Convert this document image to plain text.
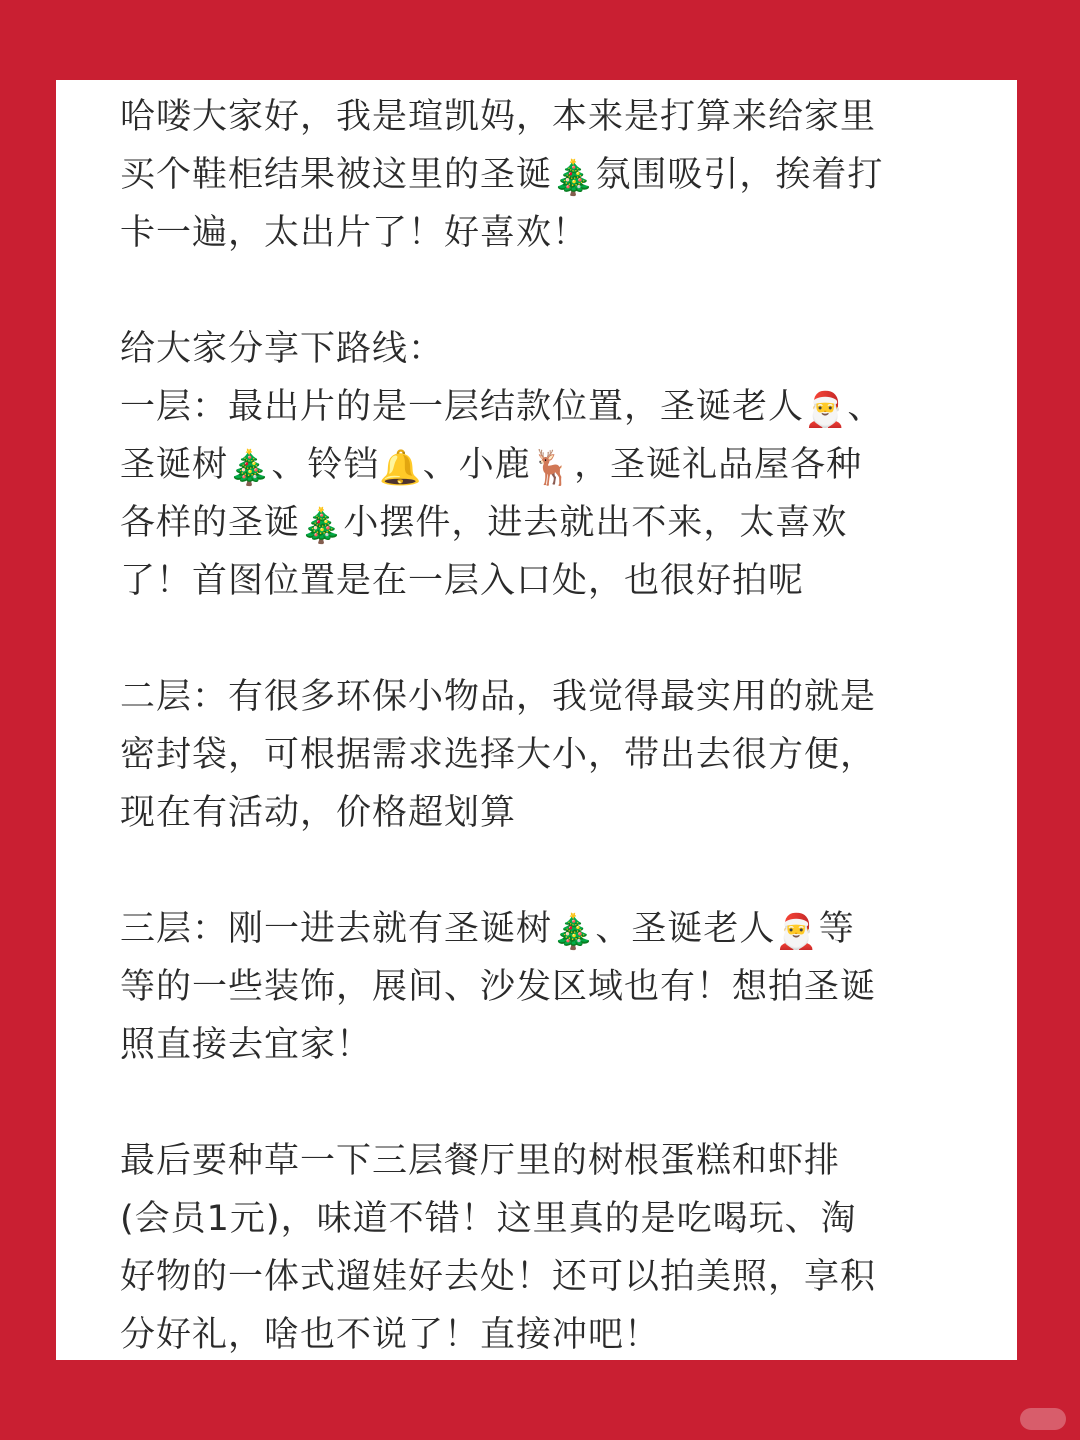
哈喽大家好，我是瑄凯妈，本来是打算来给家里
买个鞋柜结果被这里的圣诞🎄氛围吸引，挨着打
卡一遍，太出片了！好喜欢！

给大家分享下路线：

一层：最出片的是一层结款位置，圣诞老人🎅、
圣诞树🎄、铃铛🔔、小鹿🦌，圣诞礼品屋各种
各样的圣诞🎄小摆件，进去就出不来，太喜欢
了！首图位置是在一层入口处，也很好拍呢

二层：有很多环保小物品，我觉得最实用的就是
密封袋，可根据需求选择大小，带出去很方便，
现在有活动，价格超划算

三层：刚一进去就有圣诞树🎄、圣诞老人🎅等
等的一些装饰，展间、沙发区域也有！想拍圣诞
照直接去宜家！

最后要种草一下三层餐厅里的树根蛋糕和虾排
(会员1元)，味道不错！这里真的是吃喝玩、淘
好物的一体式遛娃好去处！还可以拍美照，享积
分好礼，啥也不说了！直接冲吧！
